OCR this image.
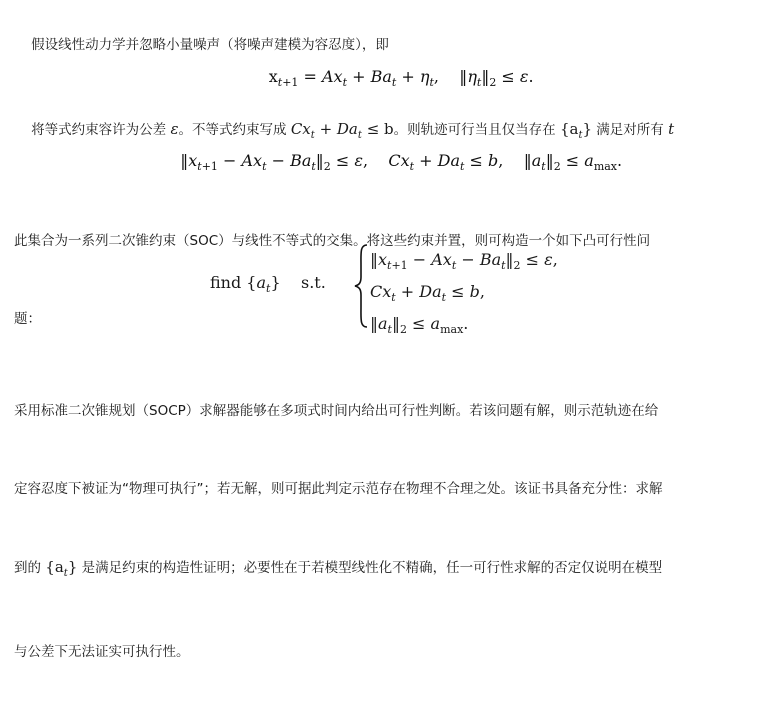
假设线性动力学并忽略小量噪声（将噪声建模为容忍度），即

$x_{t+1} = Ax_t + Ba_t + \eta_t$,    $‖\eta_t‖_2 \le \varepsilon$.

将等式约束容许为公差 ε。不等式约束写成 $Cx_t + Da_t \le b$。则轨迹可行当且仅当存在 $\{a_t\}$ 满足对所有 t

$‖x_{t+1} - Ax_t$ − $Ba_t‖_2 \le \varepsilon$,    $Cx_t + Da_t \le b$,    $‖a_t‖_2 \le a_{max}$.

此集合为一系列二次锥约束（SOC）与线性不等式的交集。将这些约束并置，则可构造一个如下凸可行性问

题：

find $\{a_t\}$    s.t.
$‖x_{t+1} - Ax_t$ − $Ba_t‖_2 \le \varepsilon$,
$Cx_t + Da_t \le b$,
$‖a_t‖_2 \le a_{max}$.

采用标准二次锥规划（SOCP）求解器能够在多项式时间内给出可行性判断。若该问题有解，则示范轨迹在给

定容忍度下被证为“物理可执行”；若无解，则可据此判定示范存在物理不合理之处。该证书具备充分性：求解

到的 $\{a_t\}$ 是满足约束的构造性证明；必要性在于若模型线性化不精确，任一可行性求解的否定仅说明在模型

与公差下无法证实可执行性。
